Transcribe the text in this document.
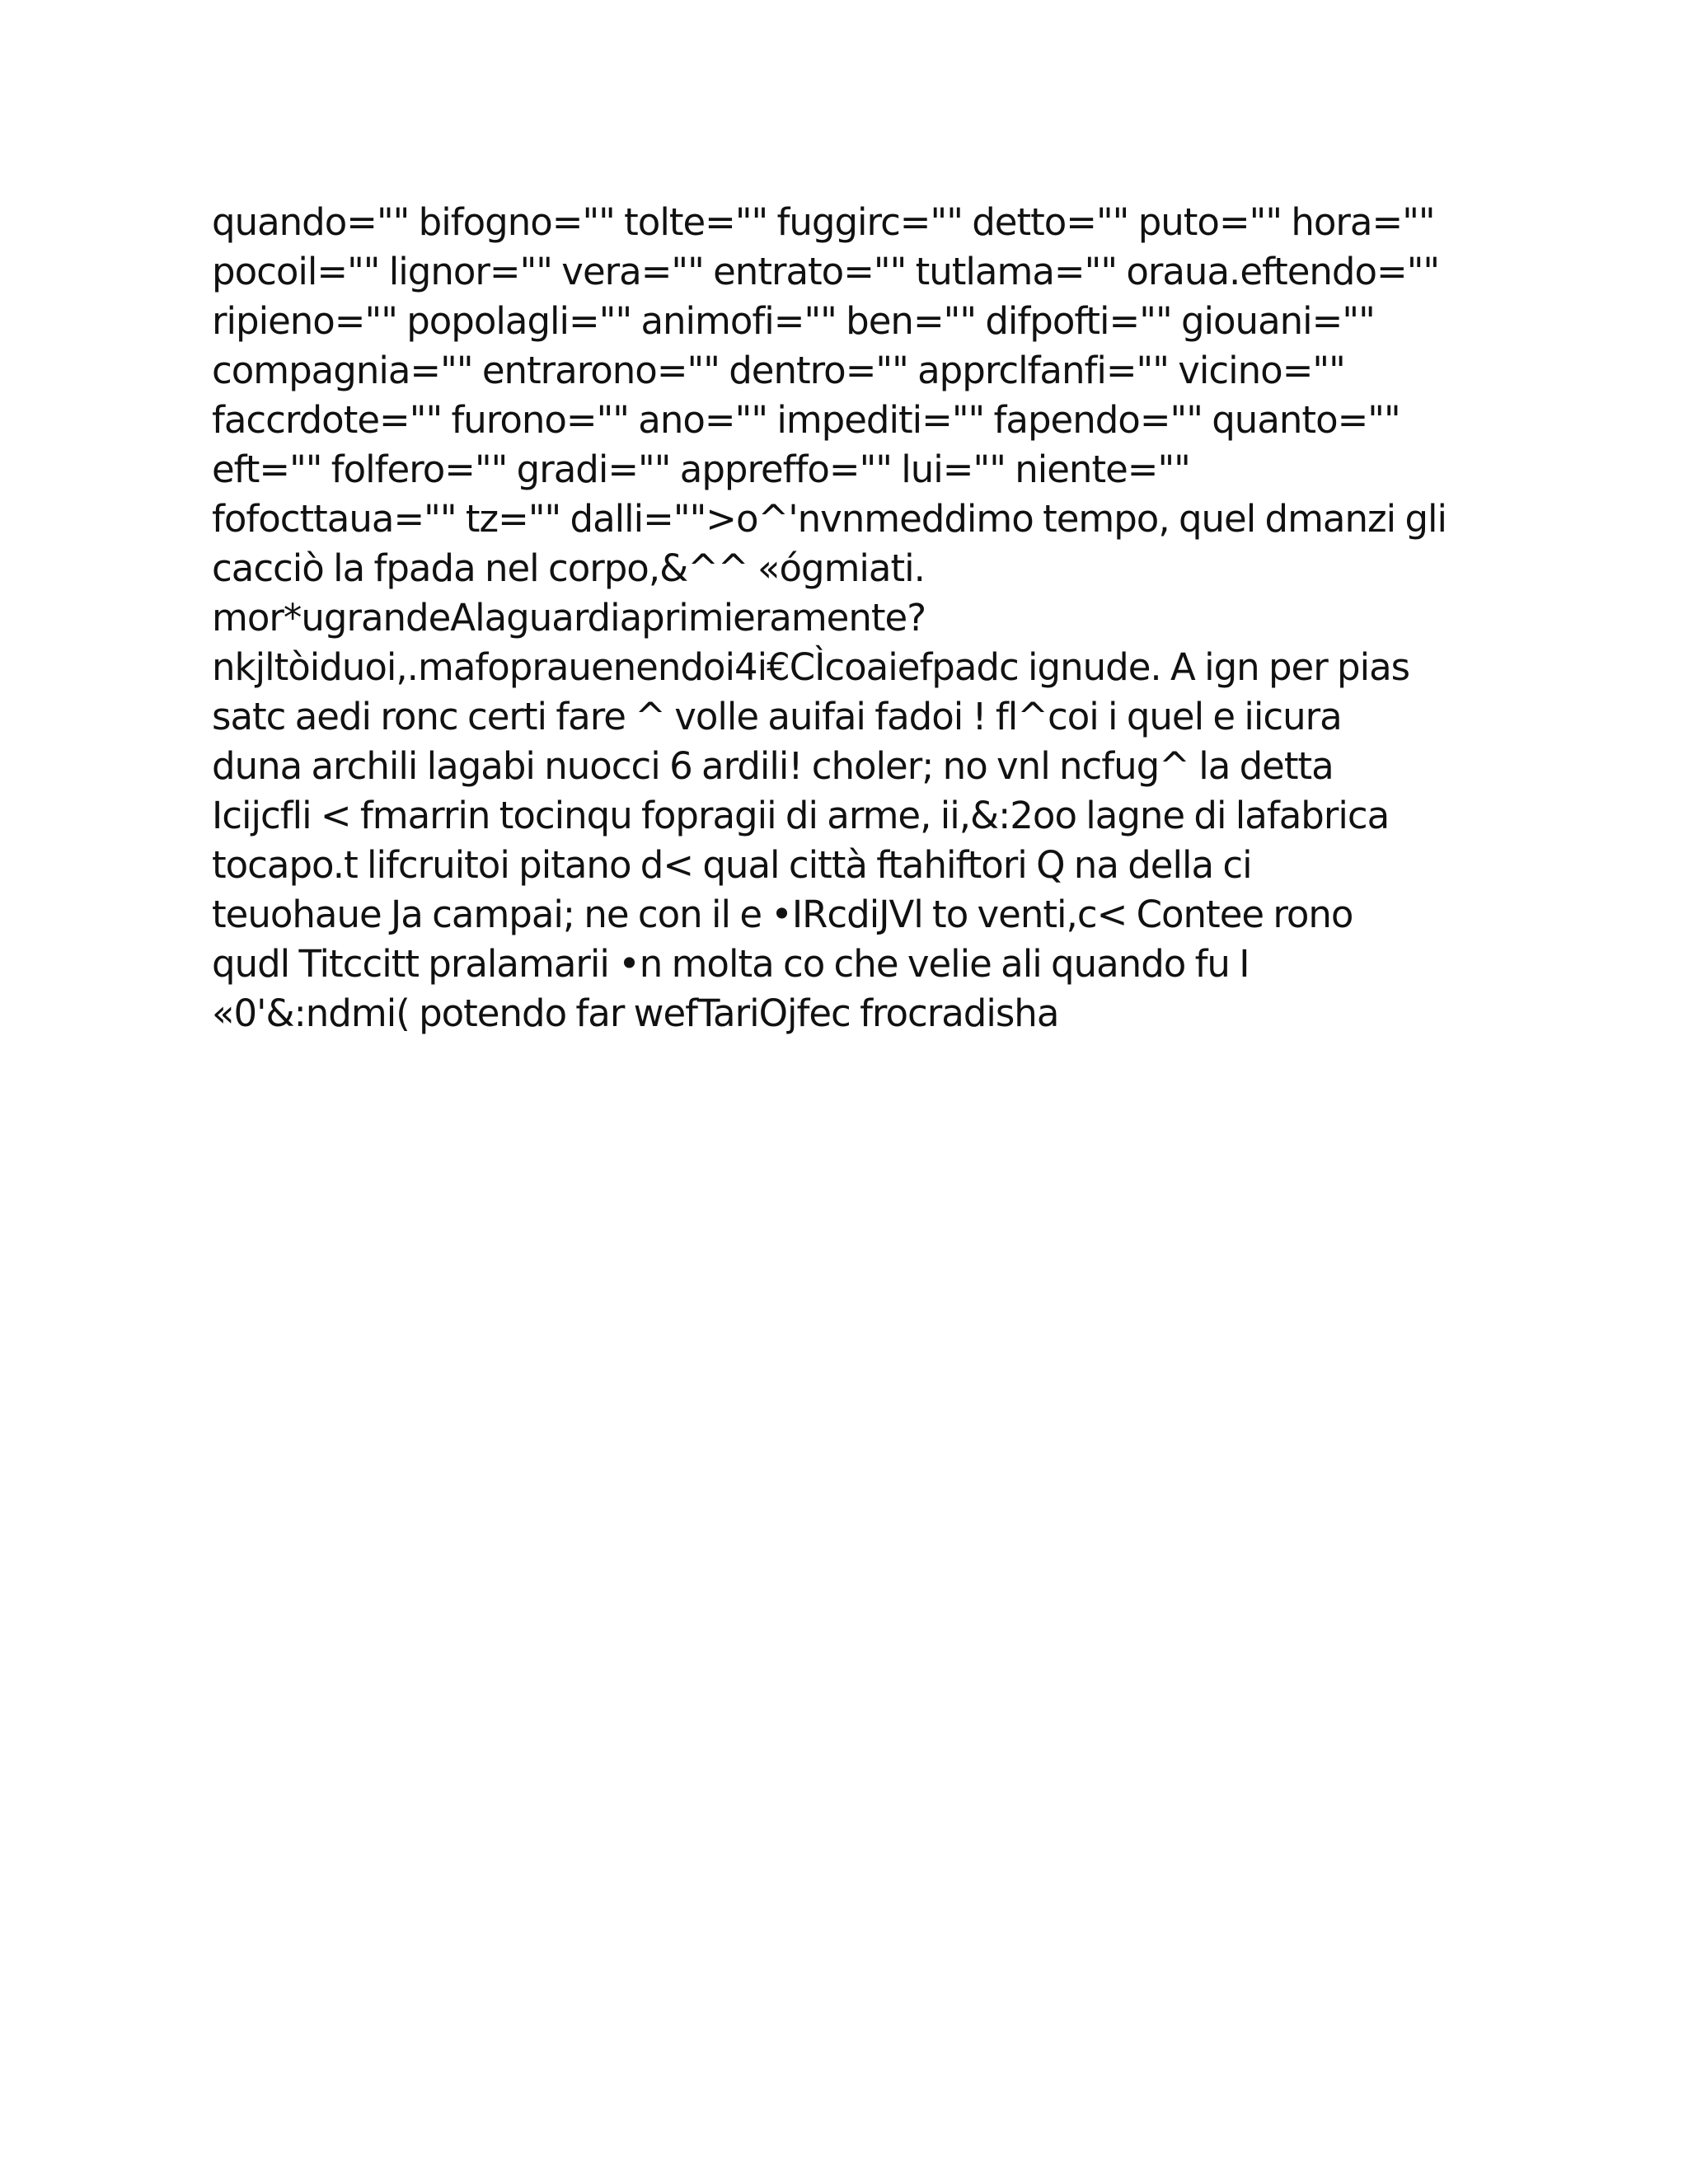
quando="" bifogno="" tolte="" fuggirc="" detto="" puto="" hora=""
pocoil="" lignor="" vera="" entrato="" tutlama="" oraua.eftendo=""
ripieno="" popolagli="" animofi="" ben="" difpofti="" giouani=""
compagnia="" entrarono="" dentro="" apprclfanfi="" vicino=""
faccrdote="" furono="" ano="" impediti="" fapendo="" quanto=""
eft="" folfero="" gradi="" appreffo="" lui="" niente=""
fofocttaua="" tz="" dalli="">o^'nvnmeddimo tempo, quel dmanzi gli
cacciò la fpada nel corpo,&^^ «ógmiati.
mor*ugrandeAlaguardiaprimieramente?
nkjltòiduoi,.mafoprauenendoi4i€CÌcoaiefpadc ignude. A ign per pias
satc aedi ronc certi fare ^ volle auifai fadoi ! fl^coi i quel e iicura
duna archili lagabi nuocci 6 ardili! choler; no vnl ncfug^ la detta
Icijcfli < fmarrin tocinqu fopragii di arme, ii,&:2oo lagne di lafabrica
tocapo.t lifcruitoi pitano d< qual città ftahiftori Q na della ci
teuohaue Ja campai; ne con il e •IRcdiJVl to venti,c< Contee rono
qudl Titccitt pralamarii •n molta co che velie ali quando fu I
«0'&:ndmi( potendo far wefTariOjfec frocradisha
